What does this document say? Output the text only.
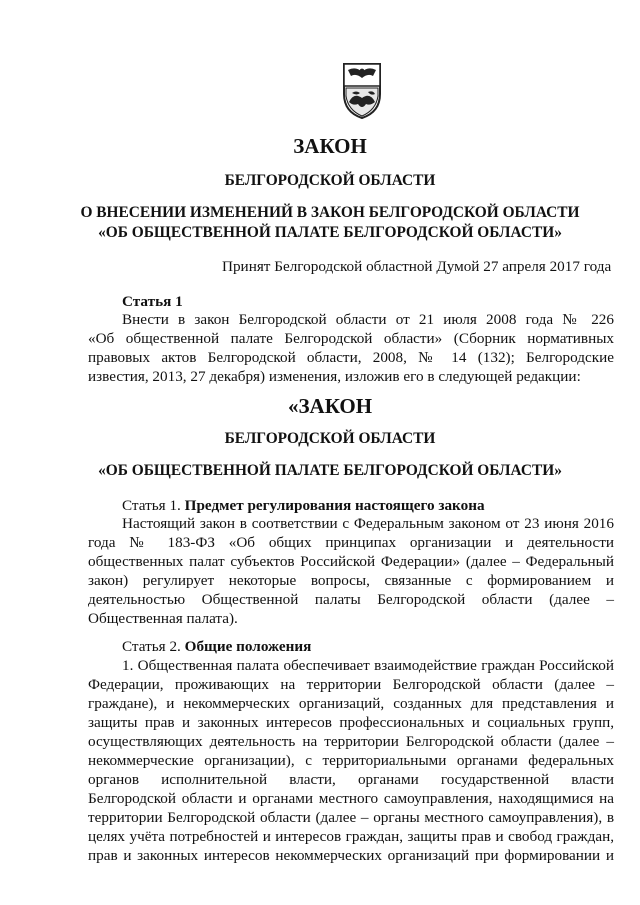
ЗАКОН
БЕЛГОРОДСКОЙ ОБЛАСТИ
О ВНЕСЕНИИ ИЗМЕНЕНИЙ В ЗАКОН БЕЛГОРОДСКОЙ ОБЛАСТИ
«ОБ ОБЩЕСТВЕННОЙ ПАЛАТЕ БЕЛГОРОДСКОЙ ОБЛАСТИ»
Принят Белгородской областной Думой 27 апреля 2017 года
Статья 1
Внести в закон Белгородской области от 21 июля 2008 года № 226
«Об общественной палате Белгородской области» (Сборник нормативных
правовых актов Белгородской области, 2008, № 14 (132); Белгородские
известия, 2013, 27 декабря) изменения, изложив его в следующей редакции:
«ЗАКОН
БЕЛГОРОДСКОЙ ОБЛАСТИ
«ОБ ОБЩЕСТВЕННОЙ ПАЛАТЕ БЕЛГОРОДСКОЙ ОБЛАСТИ»
Статья 1. Предмет регулирования настоящего закона
Настоящий закон в соответствии с Федеральным законом от 23 июня 2016
года № 183-ФЗ «Об общих принципах организации и деятельности
общественных палат субъектов Российской Федерации» (далее – Федеральный
закон) регулирует некоторые вопросы, связанные с формированием и
деятельностью Общественной палаты Белгородской области (далее –
Общественная палата).
Статья 2. Общие положения
1. Общественная палата обеспечивает взаимодействие граждан Российской
Федерации, проживающих на территории Белгородской области (далее –
граждане), и некоммерческих организаций, созданных для представления и
защиты прав и законных интересов профессиональных и социальных групп,
осуществляющих деятельность на территории Белгородской области (далее –
некоммерческие организации), с территориальными органами федеральных
органов исполнительной власти, органами государственной власти
Белгородской области и органами местного самоуправления, находящимися на
территории Белгородской области (далее – органы местного самоуправления), в
целях учёта потребностей и интересов граждан, защиты прав и свобод граждан,
прав и законных интересов некоммерческих организаций при формировании и
